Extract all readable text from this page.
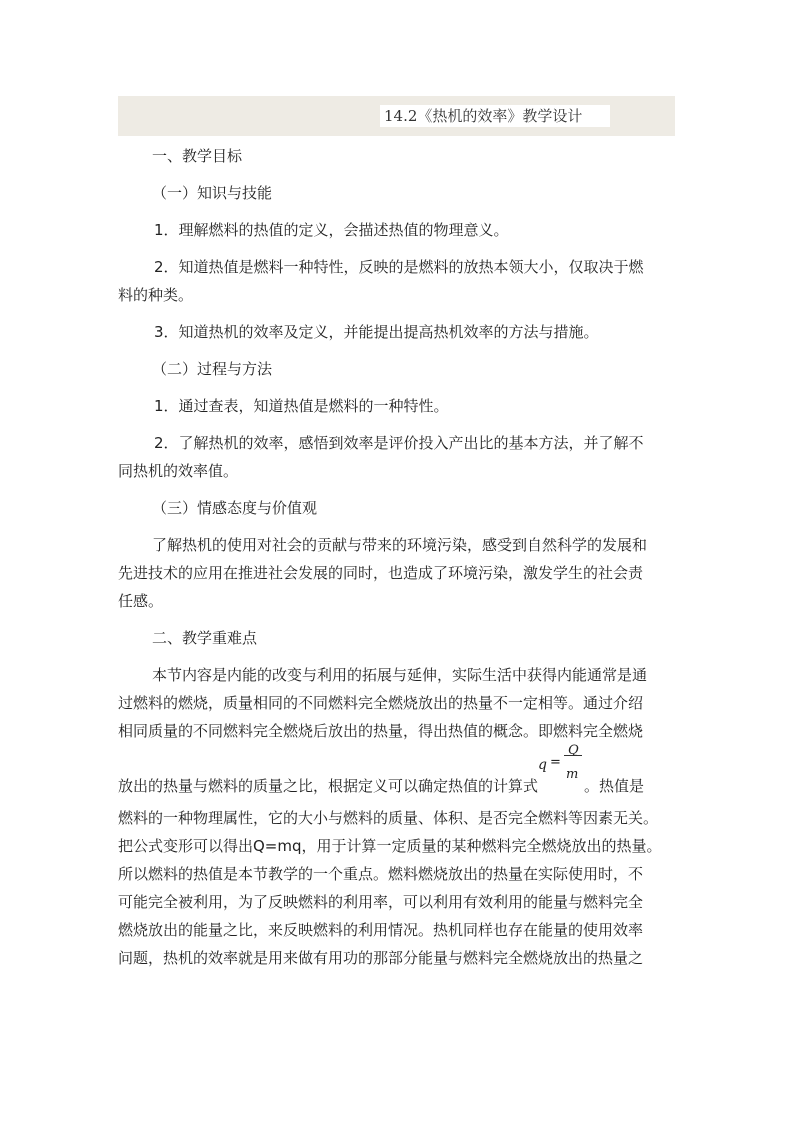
14.2《热机的效率》教学设计

一、教学目标

（一）知识与技能

1．理解燃料的热值的定义，会描述热值的物理意义。

2．知道热值是燃料一种特性，反映的是燃料的放热本领大小，仅取决于燃
料的种类。

3．知道热机的效率及定义，并能提出提高热机效率的方法与措施。

（二）过程与方法

1．通过查表，知道热值是燃料的一种特性。

2．了解热机的效率，感悟到效率是评价投入产出比的基本方法，并了解不
同热机的效率值。

（三）情感态度与价值观

了解热机的使用对社会的贡献与带来的环境污染，感受到自然科学的发展和
先进技术的应用在推进社会发展的同时，也造成了环境污染，激发学生的社会责
任感。

二、教学重难点

本节内容是内能的改变与利用的拓展与延伸，实际生活中获得内能通常是通
过燃料的燃烧，质量相同的不同燃料完全燃烧放出的热量不一定相等。通过介绍
相同质量的不同燃料完全燃烧后放出的热量，得出热值的概念。即燃料完全燃烧

放出的热量与燃料的质量之比，根据定义可以确定热值的计算式
q =
Q
m
。热值是

燃料的一种物理属性，它的大小与燃料的质量、体积、是否完全燃料等因素无关。
把公式变形可以得出Q=mq，用于计算一定质量的某种燃料完全燃烧放出的热量。
所以燃料的热值是本节教学的一个重点。燃料燃烧放出的热量在实际使用时，不
可能完全被利用，为了反映燃料的利用率，可以利用有效利用的能量与燃料完全
燃烧放出的能量之比，来反映燃料的利用情况。热机同样也存在能量的使用效率
问题，热机的效率就是用来做有用功的那部分能量与燃料完全燃烧放出的热量之
